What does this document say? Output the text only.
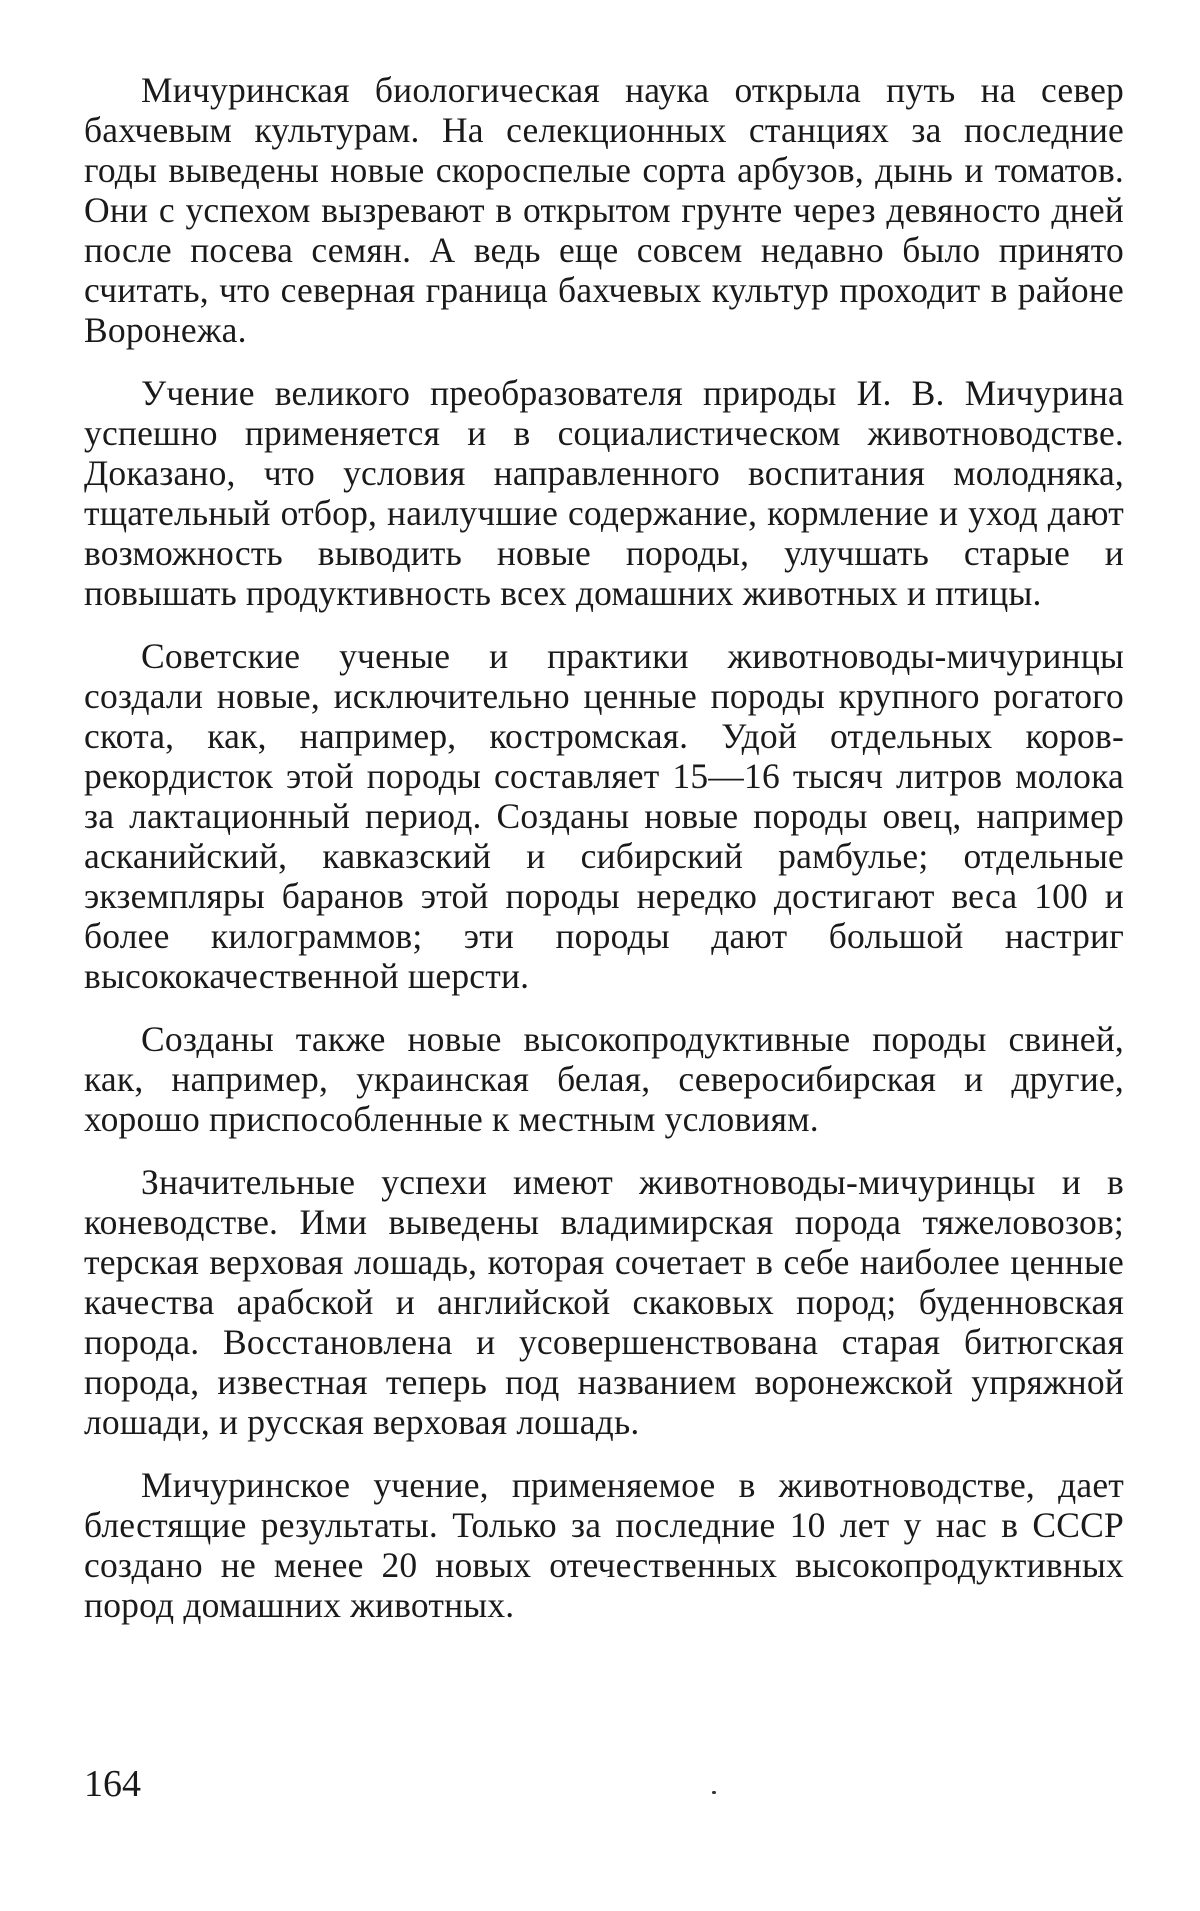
Мичуринская биологическая наука открыла путь на север бахчевым культурам. На селекционных станциях за последние годы выведены новые скороспелые сорта арбузов, дынь и томатов. Они с успехом вызревают в открытом грунте через девяносто дней после посева семян. А ведь еще совсем недавно было принято считать, что северная граница бахчевых культур проходит в районе Воронежа.

Учение великого преобразователя природы И. В. Мичурина успешно применяется и в социалистическом животноводстве. Доказано, что условия направленного воспитания молодняка, тщательный отбор, наилучшие содержание, кормление и уход дают возможность выводить новые породы, улучшать старые и повышать продуктивность всех домашних животных и птицы.

Советские ученые и практики животноводы-мичуринцы создали новые, исключительно ценные породы крупного рогатого скота, как, например, костромская. Удой отдельных коров-рекордисток этой породы составляет 15—16 тысяч литров молока за лактационный период. Созданы новые породы овец, например асканийский, кавказский и сибирский рамбулье; отдельные экземпляры баранов этой породы нередко достигают веса 100 и более килограммов; эти породы дают большой настриг высококачественной шерсти.

Созданы также новые высокопродуктивные породы свиней, как, например, украинская белая, северосибирская и другие, хорошо приспособленные к местным условиям.

Значительные успехи имеют животноводы-мичуринцы и в коневодстве. Ими выведены владимирская порода тяжеловозов; терская верховая лошадь, которая сочетает в себе наиболее ценные качества арабской и английской скаковых пород; буденновская порода. Восстановлена и усовершенствована старая битюгская порода, известная теперь под названием воронежской упряжной лошади, и русская верховая лошадь.

Мичуринское учение, применяемое в животноводстве, дает блестящие результаты. Только за последние 10 лет у нас в СССР создано не менее 20 новых отечественных высокопродуктивных пород домашних животных.

164
